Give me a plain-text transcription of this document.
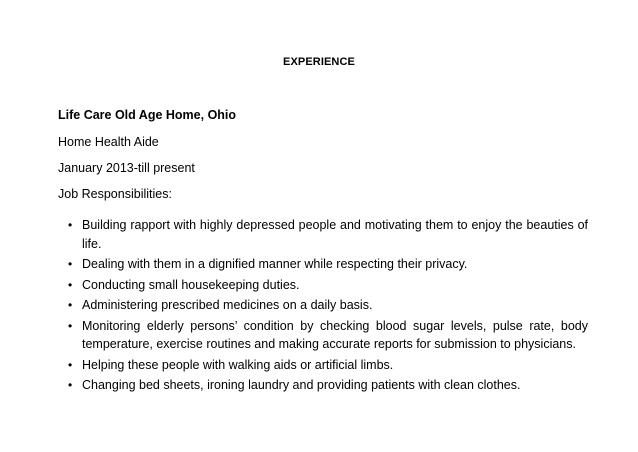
EXPERIENCE
Life Care Old Age Home, Ohio
Home Health Aide
January 2013-till present
Job Responsibilities:
• Building rapport with highly depressed people and motivating them to enjoy the beauties of life.
• Dealing with them in a dignified manner while respecting their privacy.
• Conducting small housekeeping duties.
• Administering prescribed medicines on a daily basis.
• Monitoring elderly persons’ condition by checking blood sugar levels, pulse rate, body temperature, exercise routines and making accurate reports for submission to physicians.
• Helping these people with walking aids or artificial limbs.
• Changing bed sheets, ironing laundry and providing patients with clean clothes.
